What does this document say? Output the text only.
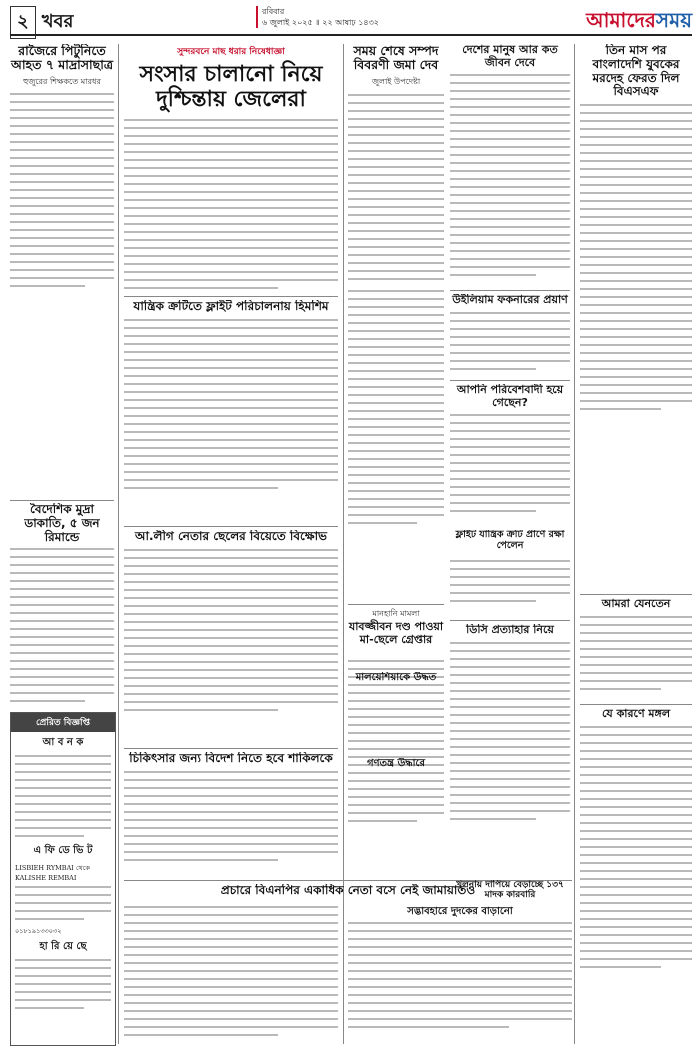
২ খবর	রবিবার
৬ জুলাই ২০২৫ ॥ ২২ আষাঢ় ১৪৩২	আমাদেরসময়
রাজৈরে পিটুনিতে আহত ৭ মাদ্রাসাছাত্র
হুজুরের শিক্ষকতে মারধর
বৈদেশিক মুদ্রা ডাকাতি, ৫ জন রিমান্ডে
প্রেরিত বিজ্ঞপ্তি
আ ব ন ক
এ ফি ডে ভি ট
LISBIEH RYMBAI থেকে KALISHE REMBAI
০১৮১৯১৩৩০৩২
হা রি য়ে ছে
সুন্দরবনে মাছ ধরার নিষেধাজ্ঞা
সংসার চালানো নিয়ে দুশ্চিন্তায় জেলেরা
যান্ত্রিক ক্রটিতে ফ্লাইট পরিচালনায় হিমশিম
আ.লীগ নেতার ছেলের বিয়েতে বিক্ষোভ
চিকিৎসার জন্য বিদেশ নিতে হবে শাকিলকে
প্রচারে বিএনপির একাধিক নেতা বসে নেই জামায়াতও
সময় শেষে সম্পদ বিবরণী জমা দেব
জুলাই উপদেষ্টা
দেশের মানুষ আর কত জীবন দেবে
উইলিয়াম ফকনারের প্রয়াণ
আপনি পরিবেশবাদী হয়ে গেছেন?
মানহানি মামলা
যাবজ্জীবন দণ্ড পাওয়া মা-ছেলে গ্রেপ্তার
ফ্লাইট যান্ত্রিক ক্রটি প্রাণে রক্ষা পেলেন
ডিসি প্রত্যাহার নিয়ে
মালয়েশিয়াকে উদ্ধত
গণতন্ত্র উদ্ধারে
সদ্ভাবহারে দুদকের বাড়ানো
খুলনায় দাপিয়ে বেড়াচ্ছে ১৩৭ মাদক কারবারি
তিন মাস পর বাংলাদেশি যুবকের মরদেহ ফেরত দিল বিএসএফ
আমরা যেনতেন
যে কারণে মঙ্গল
